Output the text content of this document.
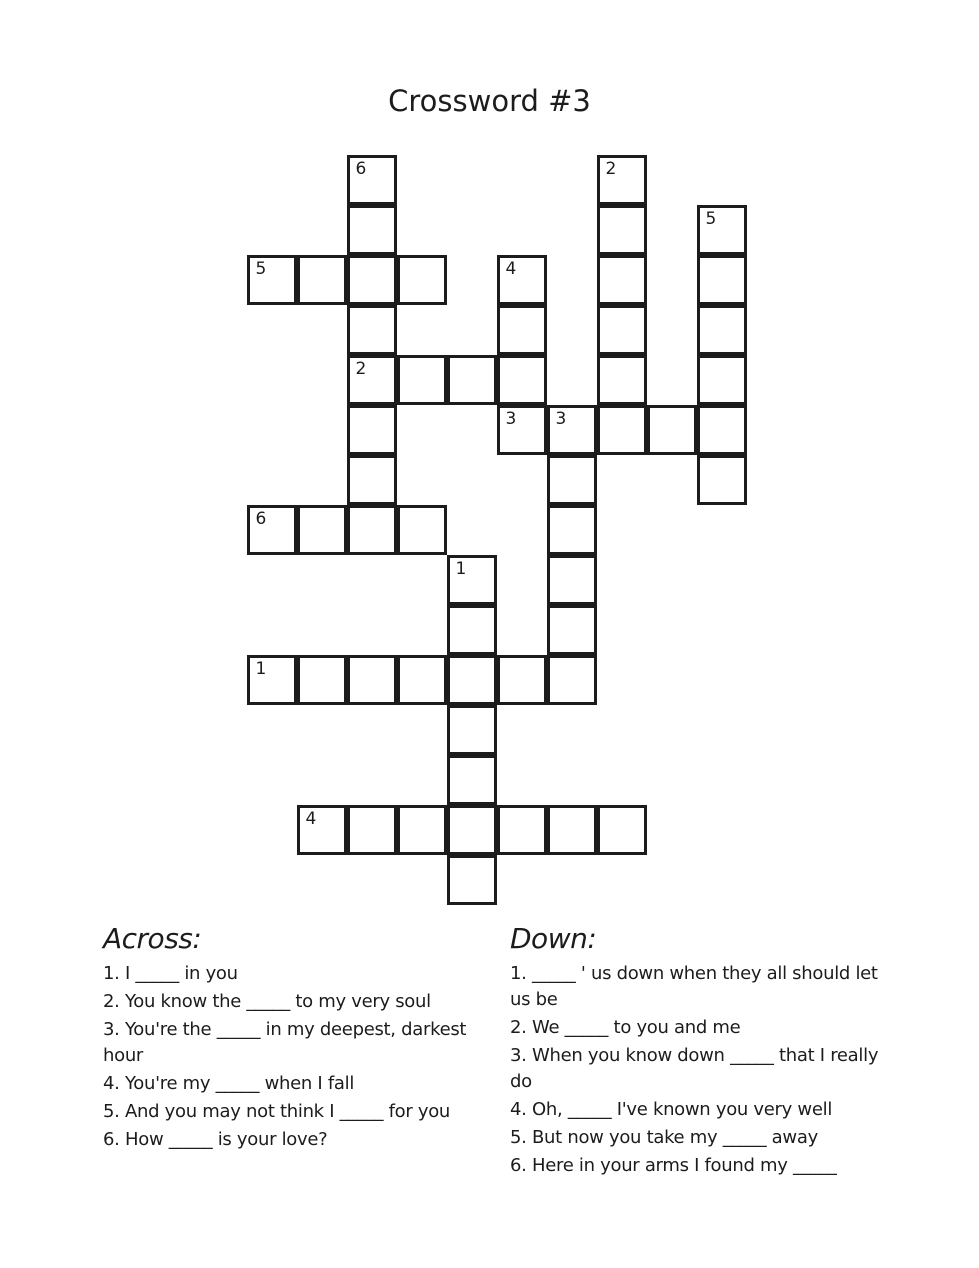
Crossword #3
6	2
5
5	4
2
3 3
6
1
1
4
Across:
1. I _____ in you
2. You know the _____ to my very soul
3. You're the _____ in my deepest, darkest hour
4. You're my _____ when I fall
5. And you may not think I _____ for you
6. How _____ is your love?
Down:
1. _____ ' us down when they all should let us be
2. We _____ to you and me
3. When you know down _____ that I really do
4. Oh, _____ I've known you very well
5. But now you take my _____ away
6. Here in your arms I found my _____
